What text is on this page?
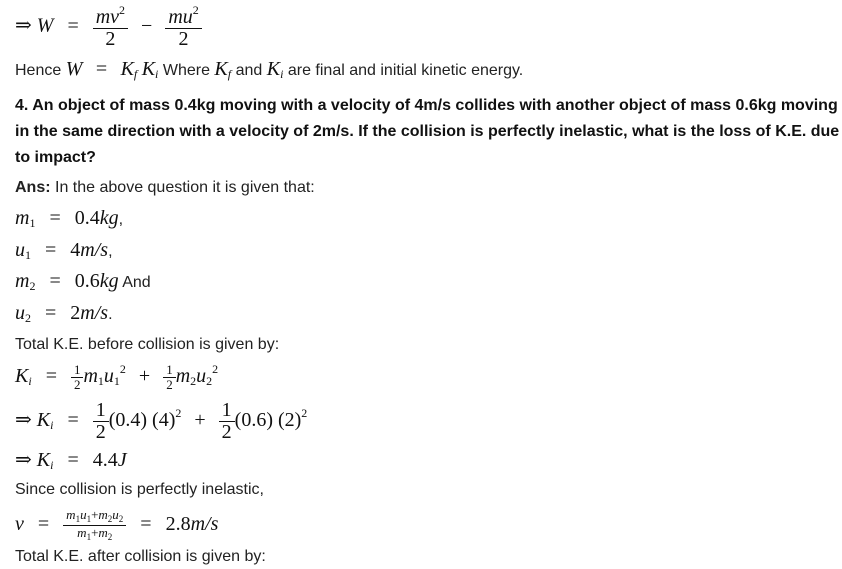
⇒ $W = \frac{mv^2}{2} - \frac{mu^2}{2}$
Hence $W = K_f$ $K_i$ Where $K_f$ and $K_i$ are final and initial kinetic energy.
4. An object of mass 0.4kg moving with a velocity of 4m/s collides with another object of mass 0.6kg moving in the same direction with a velocity of 2m/s. If the collision is perfectly inelastic, what is the loss of K.E. due to impact?
Ans: In the above question it is given that:
$m_1 = 0.4kg$,
$u_1 = 4m/s$,
$m_2 = 0.6kg$ And
$u_2 = 2m/s$.
Total K.E. before collision is given by:
$K_i = \frac{1}{2} m_1u_1^2 + \frac{1}{2} m_2u_2^2$
⇒ $K_i = \frac{1}{2} (0.4) (4)^2 + \frac{1}{2} (0.6)$ $(2)^2$
⇒ $K_i = 4.4J$
Since collision is perfectly inelastic,
$v = \frac{m_1u_1+m_2u_2}{m_1+m_2} = 2.8m/s$
Total K.E. after collision is given by:
